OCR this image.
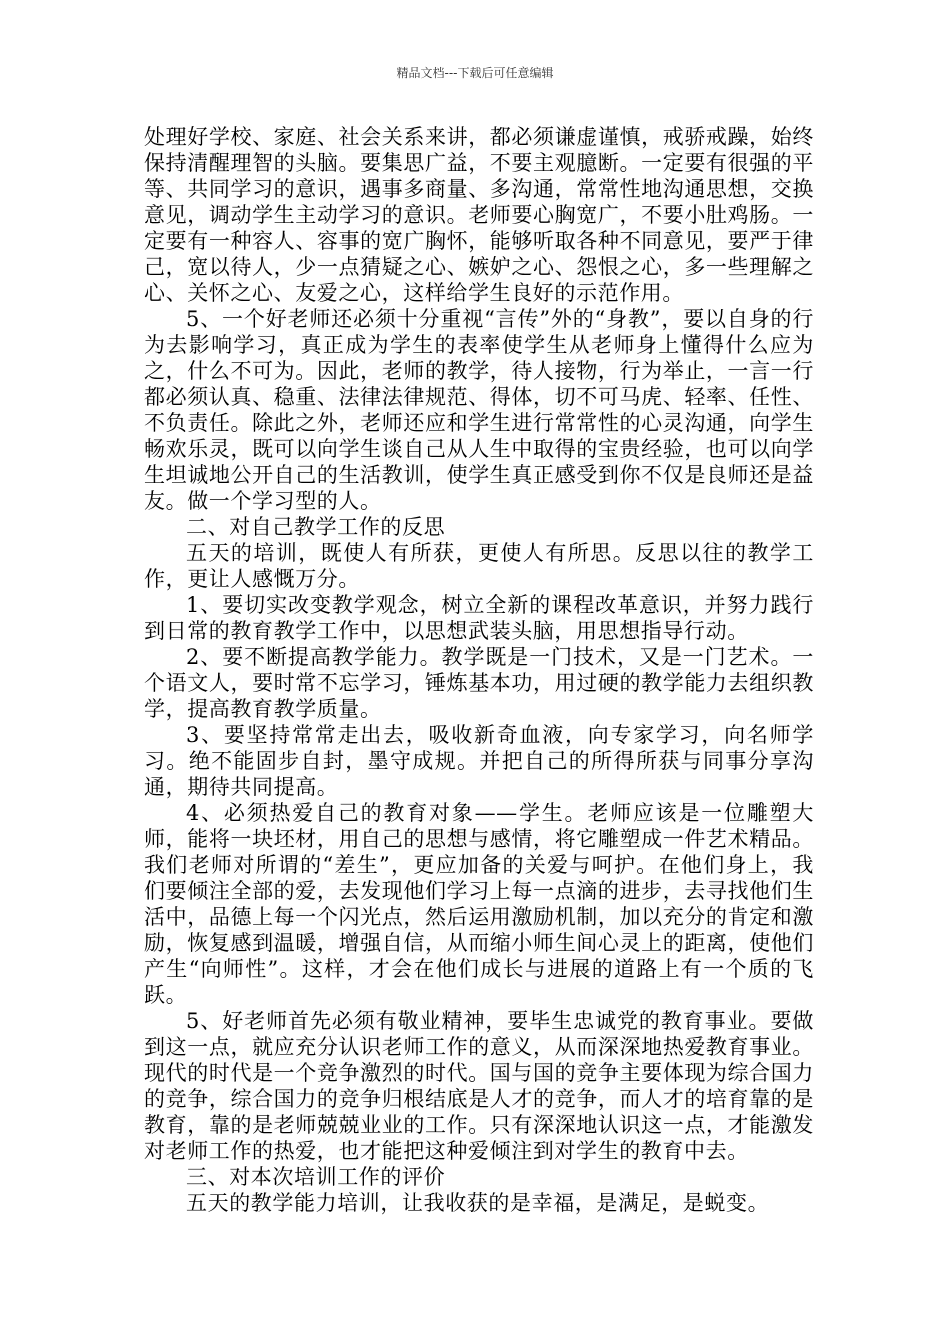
精品文档---下载后可任意编辑

处理好学校、家庭、社会关系来讲，都必须谦虚谨慎，戒骄戒躁，始终保持清醒理智的头脑。要集思广益，不要主观臆断。一定要有很强的平等、共同学习的意识，遇事多商量、多沟通，常常性地沟通思想，交换意见，调动学生主动学习的意识。老师要心胸宽广，不要小肚鸡肠。一定要有一种容人、容事的宽广胸怀，能够听取各种不同意见，要严于律己，宽以待人，少一点猜疑之心、嫉妒之心、怨恨之心，多一些理解之心、关怀之心、友爱之心，这样给学生良好的示范作用。

5、一个好老师还必须十分重视“言传”外的“身教”，要以自身的行为去影响学习，真正成为学生的表率使学生从老师身上懂得什么应为之，什么不可为。因此，老师的教学，待人接物，行为举止，一言一行都必须认真、稳重、法律法律规范、得体，切不可马虎、轻率、任性、不负责任。除此之外，老师还应和学生进行常常性的心灵沟通，向学生畅欢乐灵，既可以向学生谈自己从人生中取得的宝贵经验，也可以向学生坦诚地公开自己的生活教训，使学生真正感受到你不仅是良师还是益友。做一个学习型的人。

二、对自己教学工作的反思

五天的培训，既使人有所获，更使人有所思。反思以往的教学工作，更让人感慨万分。

1、要切实改变教学观念，树立全新的课程改革意识，并努力践行到日常的教育教学工作中，以思想武装头脑，用思想指导行动。

2、要不断提高教学能力。教学既是一门技术，又是一门艺术。一个语文人，要时常不忘学习，锤炼基本功，用过硬的教学能力去组织教学，提高教育教学质量。

3、要坚持常常走出去，吸收新奇血液，向专家学习，向名师学习。绝不能固步自封，墨守成规。并把自己的所得所获与同事分享沟通，期待共同提高。

4、必须热爱自己的教育对象——学生。老师应该是一位雕塑大师，能将一块坯材，用自己的思想与感情，将它雕塑成一件艺术精品。我们老师对所谓的“差生”，更应加备的关爱与呵护。在他们身上，我们要倾注全部的爱，去发现他们学习上每一点滴的进步，去寻找他们生活中，品德上每一个闪光点，然后运用激励机制，加以充分的肯定和激励，恢复感到温暖，增强自信，从而缩小师生间心灵上的距离，使他们产生“向师性”。这样，才会在他们成长与进展的道路上有一个质的飞跃。

5、好老师首先必须有敬业精神，要毕生忠诚党的教育事业。要做到这一点，就应充分认识老师工作的意义，从而深深地热爱教育事业。现代的时代是一个竞争激烈的时代。国与国的竞争主要体现为综合国力的竞争，综合国力的竞争归根结底是人才的竞争，而人才的培育靠的是教育，靠的是老师兢兢业业的工作。只有深深地认识这一点，才能激发对老师工作的热爱，也才能把这种爱倾注到对学生的教育中去。

三、对本次培训工作的评价

五天的教学能力培训，让我收获的是幸福，是满足，是蜕变。
